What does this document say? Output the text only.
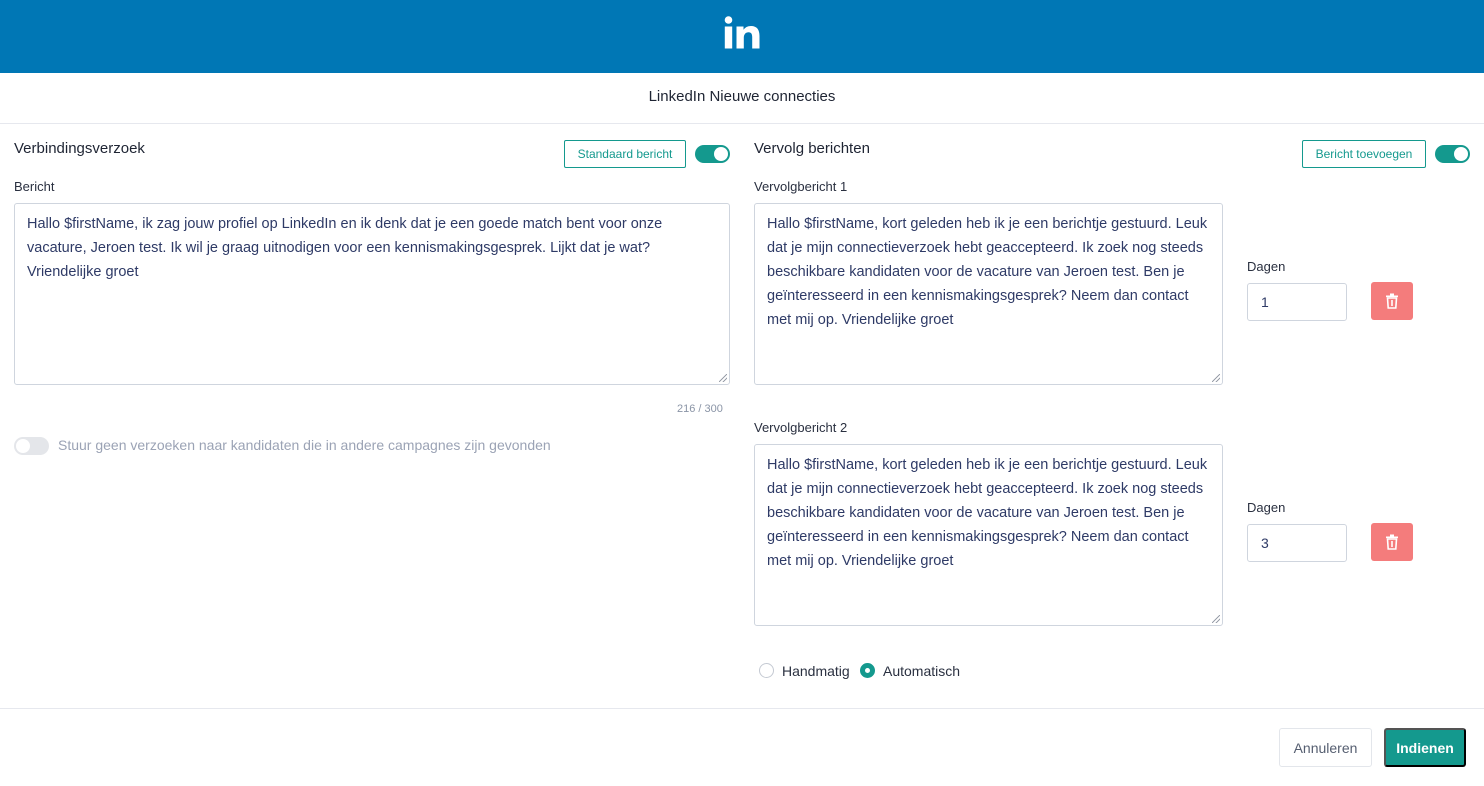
LinkedIn Nieuwe connecties
Verbindingsverzoek	Standaard bericht
Bericht
Hallo $firstName, ik zag jouw profiel op LinkedIn en ik denk dat je een goede match bent voor onze vacature, Jeroen test. Ik wil je graag uitnodigen voor een kennismakingsgesprek. Lijkt dat je wat? Vriendelijke groet
216 / 300
Stuur geen verzoeken naar kandidaten die in andere campagnes zijn gevonden
Vervolg berichten	Bericht toevoegen
Vervolgbericht 1
Hallo $firstName, kort geleden heb ik je een berichtje gestuurd. Leuk dat je mijn connectieverzoek hebt geaccepteerd. Ik zoek nog steeds beschikbare kandidaten voor de vacature van Jeroen test. Ben je geïnteresseerd in een kennismakingsgesprek? Neem dan contact met mij op. Vriendelijke groet
Dagen
1
Vervolgbericht 2
Hallo $firstName, kort geleden heb ik je een berichtje gestuurd. Leuk dat je mijn connectieverzoek hebt geaccepteerd. Ik zoek nog steeds beschikbare kandidaten voor de vacature van Jeroen test. Ben je geïnteresseerd in een kennismakingsgesprek? Neem dan contact met mij op. Vriendelijke groet
Dagen
3
Handmatig Automatisch
Annuleren	Indienen
